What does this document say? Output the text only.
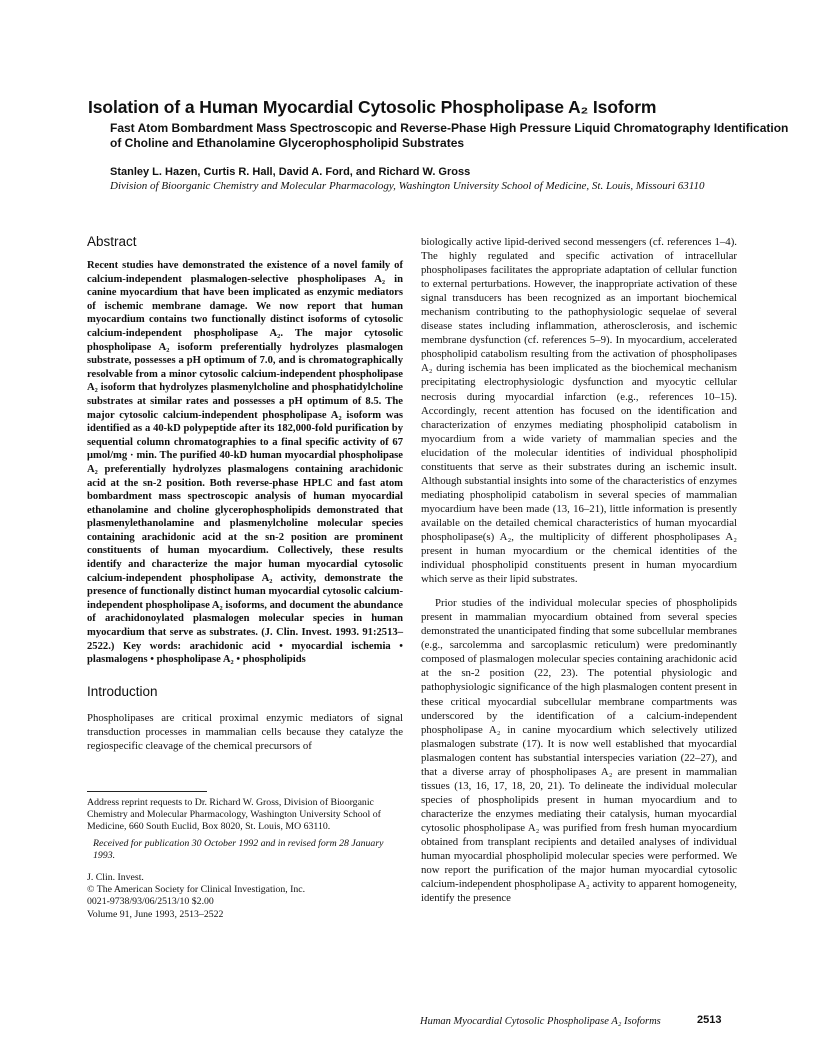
Isolation of a Human Myocardial Cytosolic Phospholipase A₂ Isoform
Fast Atom Bombardment Mass Spectroscopic and Reverse-Phase High Pressure Liquid Chromatography Identification of Choline and Ethanolamine Glycerophospholipid Substrates
Stanley L. Hazen, Curtis R. Hall, David A. Ford, and Richard W. Gross
Division of Bioorganic Chemistry and Molecular Pharmacology, Washington University School of Medicine, St. Louis, Missouri 63110
Abstract
Recent studies have demonstrated the existence of a novel family of calcium-independent plasmalogen-selective phospholipases A₂ in canine myocardium that have been implicated as enzymic mediators of ischemic membrane damage. We now report that human myocardium contains two functionally distinct isoforms of cytosolic calcium-independent phospholipase A₂. The major cytosolic phospholipase A₂ isoform preferentially hydrolyzes plasmalogen substrate, possesses a pH optimum of 7.0, and is chromatographically resolvable from a minor cytosolic calcium-independent phospholipase A₂ isoform that hydrolyzes plasmenylcholine and phosphatidylcholine substrates at similar rates and possesses a pH optimum of 8.5. The major cytosolic calcium-independent phospholipase A₂ isoform was identified as a 40-kD polypeptide after its 182,000-fold purification by sequential column chromatographies to a final specific activity of 67 μmol/mg · min. The purified 40-kD human myocardial phospholipase A₂ preferentially hydrolyzes plasmalogens containing arachidonic acid at the sn-2 position. Both reverse-phase HPLC and fast atom bombardment mass spectroscopic analysis of human myocardial ethanolamine and choline glycerophospholipids demonstrated that plasmenylethanolamine and plasmenylcholine molecular species containing arachidonic acid at the sn-2 position are prominent constituents of human myocardium. Collectively, these results identify and characterize the major human myocardial cytosolic calcium-independent phospholipase A₂ activity, demonstrate the presence of functionally distinct human myocardial cytosolic calcium-independent phospholipase A₂ isoforms, and document the abundance of arachidonoylated plasmalogen molecular species in human myocardium that serve as substrates. (J. Clin. Invest. 1993. 91:2513–2522.) Key words: arachidonic acid • myocardial ischemia • plasmalogens • phospholipase A₂ • phospholipids
Introduction
Phospholipases are critical proximal enzymic mediators of signal transduction processes in mammalian cells because they catalyze the regiospecific cleavage of the chemical precursors of
Address reprint requests to Dr. Richard W. Gross, Division of Bioorganic Chemistry and Molecular Pharmacology, Washington University School of Medicine, 660 South Euclid, Box 8020, St. Louis, MO 63110.
Received for publication 30 October 1992 and in revised form 28 January 1993.
J. Clin. Invest.
© The American Society for Clinical Investigation, Inc.
0021-9738/93/06/2513/10 $2.00
Volume 91, June 1993, 2513–2522

biologically active lipid-derived second messengers (cf. references 1–4). The highly regulated and specific activation of intracellular phospholipases facilitates the appropriate adaptation of cellular function to external perturbations. However, the inappropriate activation of these signal transducers has been recognized as an important biochemical mechanism contributing to the pathophysiologic sequelae of several disease states including inflammation, atherosclerosis, and ischemic membrane dysfunction (cf. references 5–9). In myocardium, accelerated phospholipid catabolism resulting from the activation of phospholipases A₂ during ischemia has been implicated as the biochemical mechanism precipitating electrophysiologic dysfunction and myocytic cellular necrosis during myocardial infarction (e.g., references 10–15). Accordingly, recent attention has focused on the identification and characterization of enzymes mediating phospholipid catabolism in myocardium from a wide variety of mammalian species and the elucidation of the molecular identities of individual phospholipid constituents that serve as their substrates during an ischemic insult. Although substantial insights into some of the characteristics of enzymes mediating phospholipid catabolism in several species of mammalian myocardium have been made (13, 16–21), little information is presently available on the detailed chemical characteristics of human myocardial phospholipase(s) A₂, the multiplicity of different phospholipases A₂ present in human myocardium or the chemical identities of the individual phospholipid constituents present in human myocardium which serve as their lipid substrates.

Prior studies of the individual molecular species of phospholipids present in mammalian myocardium obtained from several species demonstrated the unanticipated finding that some subcellular membranes (e.g., sarcolemma and sarcoplasmic reticulum) were predominantly composed of plasmalogen molecular species containing arachidonic acid at the sn-2 position (22, 23). The potential physiologic and pathophysiologic significance of the high plasmalogen content present in these critical myocardial subcellular membrane compartments was underscored by the identification of a calcium-independent phospholipase A₂ in canine myocardium which selectively utilized plasmalogen substrate (17). It is now well established that myocardial plasmalogen content has substantial interspecies variation (22–27), and that a diverse array of phospholipases A₂ are present in mammalian tissues (13, 16, 17, 18, 20, 21). To delineate the individual molecular species of phospholipids present in human myocardium and to characterize the enzymes mediating their catalysis, human myocardial cytosolic phospholipase A₂ was purified from fresh human myocardium obtained from transplant recipients and detailed analyses of individual human myocardial phospholipid molecular species were performed. We now report the purification of the major human myocardial cytosolic calcium-independent phospholipase A₂ activity to apparent homogeneity, identify the presence

Human Myocardial Cytosolic Phospholipase A₂ Isoforms	2513
